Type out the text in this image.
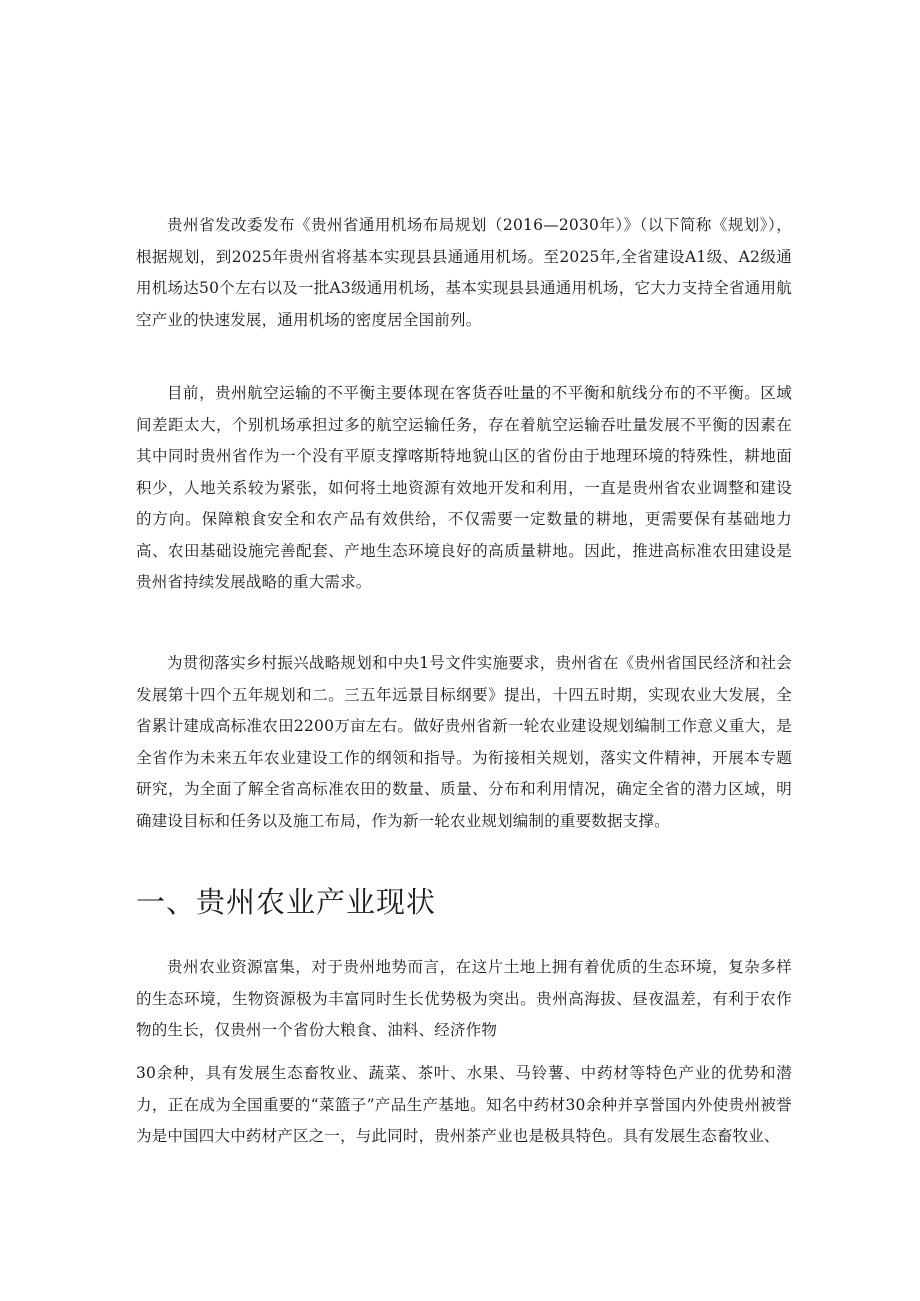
贵州省发改委发布《贵州省通用机场布局规划（2016—2030年）》（以下简称《规划》），根据规划，到2025年贵州省将基本实现县县通通用机场。至2025年,全省建设A1级、A2级通用机场达50个左右以及一批A3级通用机场，基本实现县县通通用机场，它大力支持全省通用航空产业的快速发展，通用机场的密度居全国前列。

目前，贵州航空运输的不平衡主要体现在客货吞吐量的不平衡和航线分布的不平衡。区域间差距太大，个别机场承担过多的航空运输任务，存在着航空运输吞吐量发展不平衡的因素在其中同时贵州省作为一个没有平原支撑喀斯特地貌山区的省份由于地理环境的特殊性，耕地面积少，人地关系较为紧张，如何将土地资源有效地开发和利用，一直是贵州省农业调整和建设的方向。保障粮食安全和农产品有效供给，不仅需要一定数量的耕地，更需要保有基础地力高、农田基础设施完善配套、产地生态环境良好的高质量耕地。因此，推进高标准农田建设是贵州省持续发展战略的重大需求。

为贯彻落实乡村振兴战略规划和中央1号文件实施要求，贵州省在《贵州省国民经济和社会发展第十四个五年规划和二。三五年远景目标纲要》提出，十四五时期，实现农业大发展，全省累计建成高标准农田2200万亩左右。做好贵州省新一轮农业建设规划编制工作意义重大，是全省作为未来五年农业建设工作的纲领和指导。为衔接相关规划，落实文件精神，开展本专题研究，为全面了解全省高标准农田的数量、质量、分布和利用情况，确定全省的潜力区域，明确建设目标和任务以及施工布局，作为新一轮农业规划编制的重要数据支撑。

一、贵州农业产业现状

贵州农业资源富集，对于贵州地势而言，在这片土地上拥有着优质的生态环境，复杂多样的生态环境，生物资源极为丰富同时生长优势极为突出。贵州高海拔、昼夜温差，有利于农作物的生长，仅贵州一个省份大粮食、油料、经济作物

30余种，具有发展生态畜牧业、蔬菜、茶叶、水果、马铃薯、中药材等特色产业的优势和潜力，正在成为全国重要的“菜篮子”产品生产基地。知名中药材30余种并享誉国内外使贵州被誉为是中国四大中药材产区之一，与此同时，贵州茶产业也是极具特色。具有发展生态畜牧业、
